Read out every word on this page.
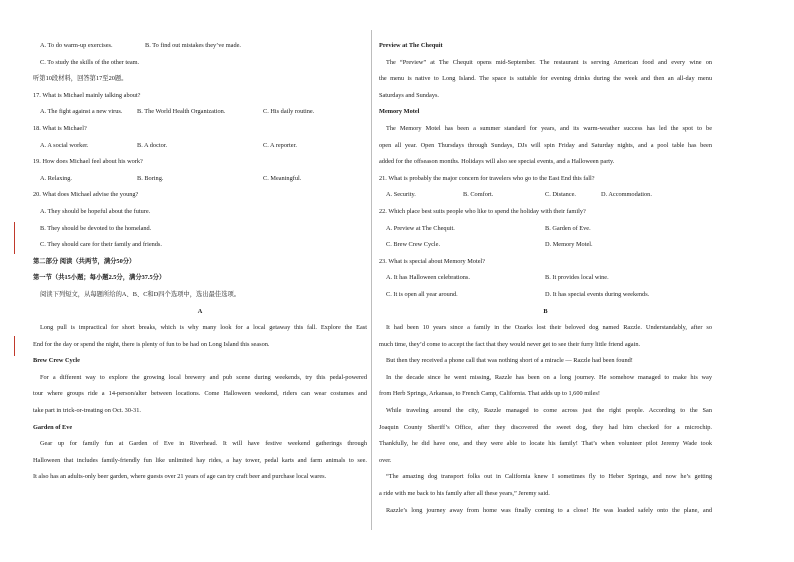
A. To do warm-up exercises.	B. To find out mistakes they’ve made.
C. To study the skills of the other team.
听第10段材料，回答第17至20题。
17. What is Michael mainly talking about?
A. The fight against a new virus.	B. The World Health Organization.	C. His daily routine.
18. What is Michael?
A. A social worker.	B. A doctor.	C. A reporter.
19. How does Michael feel about his work?
A. Relaxing.	B. Boring.	C. Meaningful.
20. What does Michael advise the young?
A. They should be hopeful about the future.
B. They should be devoted to the homeland.
C. They should care for their family and friends.
第二部分 阅读（共两节，满分50分）
第一节（共15小题；每小题2.5分，满分37.5分）
阅读下列短文，从每题所给的A、B、C和D四个选项中，选出最佳选项。
A
Long pull is impractical for short breaks, which is why many look for a local getaway this fall. Explore the East
End for the day or spend the night, there is plenty of fun to be had on Long Island this season.
Brew Crew Cycle
For a different way to explore the growing local brewery and pub scene during weekends, try this pedal-powered
tour where groups ride a 14-person/alter between locations. Come Halloween weekend, riders can wear costumes and
take part in trick-or-treating on Oct. 30-31.
Garden of Eve
Gear up for family fun at Garden of Eve in Riverhead. It will have festive weekend gatherings through
Halloween that includes family-friendly fun like unlimited hay rides, a hay tower, pedal karts and farm animals to see.
It also has an adults-only beer garden, where guests over 21 years of age can try craft beer and purchase local wares.
Preview at The Chequit
The “Preview” at The Chequit opens mid-September. The restaurant is serving American food and every wine on
the menu is native to Long Island. The space is suitable for evening drinks during the week and then an all-day menu
Saturdays and Sundays.
Memory Motel
The Memory Motel has been a summer standard for years, and its warm-weather success has led the spot to be
open all year. Open Thursdays through Sundays, DJs will spin Friday and Saturday nights, and a pool table has been
added for the offseason months. Holidays will also see special events, and a Halloween party.
21. What is probably the major concern for travelers who go to the East End this fall?
A. Security.	B. Comfort.	C. Distance.	D. Accommodation.
22. Which place best suits people who like to spend the holiday with their family?
A. Preview at The Chequit.	B. Garden of Eve.
C. Brew Crew Cycle.	D. Memory Motel.
23. What is special about Memory Motel?
A. It has Halloween celebrations.	B. It provides local wine.
C. It is open all year around.	D. It has special events during weekends.
B
It had been 10 years since a family in the Ozarks lost their beloved dog named Razzle. Understandably, after so
much time, they’d come to accept the fact that they would never get to see their furry little friend again.
But then they received a phone call that was nothing short of a miracle — Razzle had been found!
In the decade since he went missing, Razzle has been on a long journey. He somehow managed to make his way
from Herb Springs, Arkansas, to French Camp, California. That adds up to 1,600 miles!
While traveling around the city, Razzle managed to come across just the right people. According to the San
Joaquin County Sheriff’s Office, after they discovered the sweet dog, they had him checked for a microchip.
Thankfully, he did have one, and they were able to locate his family! That’s when volunteer pilot Jeremy Wade took
over.
“The amazing dog transport folks out in California knew I sometimes fly to Heber Springs, and now he’s getting
a ride with me back to his family after all these years,” Jeremy said.
Razzle’s long journey away from home was finally coming to a close! He was loaded safely onto the plane, and
